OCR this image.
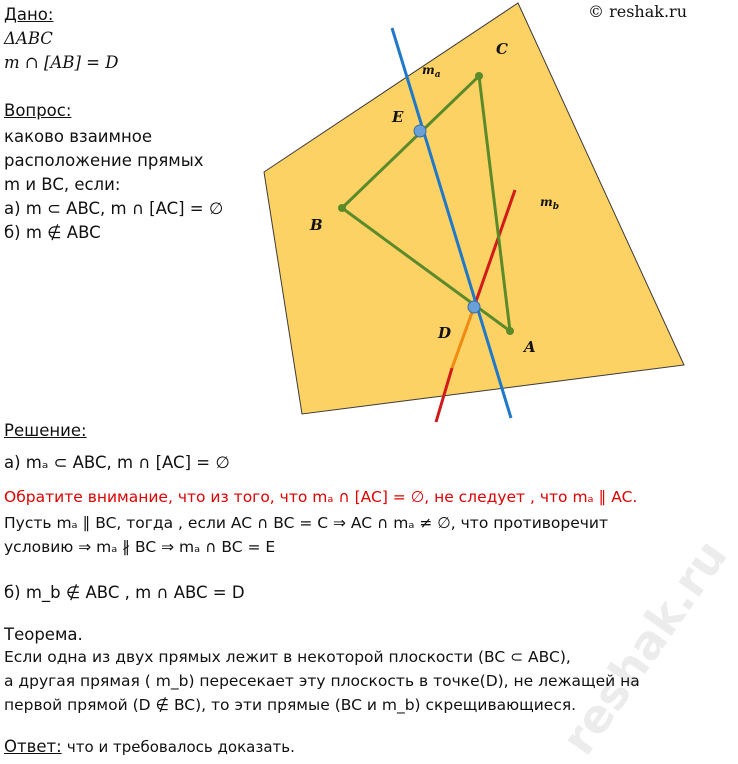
© reshak.ru
reshak.ru
Дано:
ΔABC
m ∩ [AB] = D
Вопрос:
каково взаимное
расположение прямых
m и BC, если:
а) m ⊂ ABC, m ∩ [AC] = ∅
б) m ∉ ABC
C
E
B
D
A
$m_a$
$m_b$
Решение:
а) mₐ ⊂ ABC, m ∩ [AC] = ∅
Обратите внимание, что из того, что mₐ ∩ [AC] = ∅, не следует , что mₐ ∥ AC.
Пусть mₐ ∥ BC, тогда , если AC ∩ BC = C ⇒ AC ∩ mₐ ≠ ∅, что противоречит
условию ⇒ mₐ ∦ BC ⇒ mₐ ∩ BC = E
б) m_b ∉ ABC , m ∩ ABC = D
Теорема.
Если одна из двух прямых лежит в некоторой плоскости (BC ⊂ ABC),
а другая прямая ( m_b) пересекает эту плоскость в точке(D), не лежащей на
первой прямой (D ∉ BC), то эти прямые (BC и m_b) скрещивающиеся.
Ответ: что и требовалось доказать.
